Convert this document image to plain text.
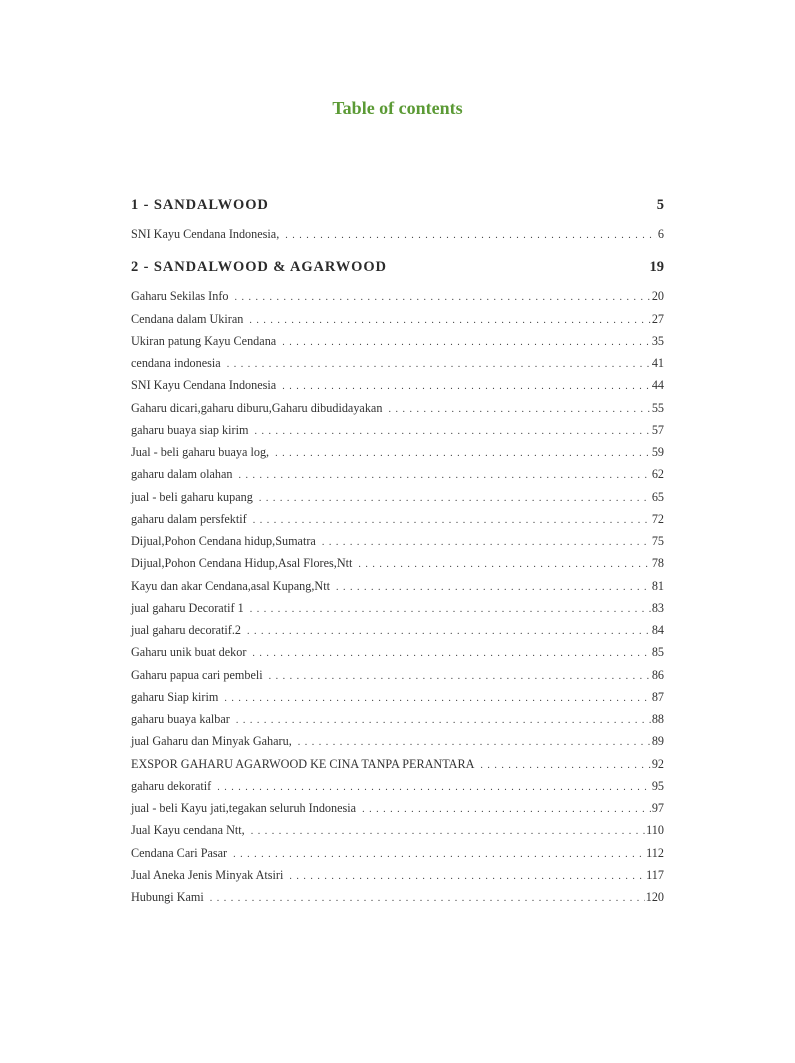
Table of contents
1 - SANDALWOOD	5
SNI Kayu Cendana Indonesia, . . .	6
2 - SANDALWOOD & AGARWOOD	19
Gaharu Sekilas Info . . .	20
Cendana dalam Ukiran . . .	27
Ukiran patung Kayu Cendana . . .	35
cendana indonesia . . .	41
SNI Kayu Cendana Indonesia . . .	44
Gaharu dicari,gaharu diburu,Gaharu dibudidayakan . . .	55
gaharu buaya siap kirim . . .	57
Jual - beli gaharu buaya log, . . .	59
gaharu dalam olahan . . .	62
jual - beli gaharu kupang . . .	65
gaharu dalam persfektif . . .	72
Dijual,Pohon Cendana hidup,Sumatra . . .	75
Dijual,Pohon Cendana Hidup,Asal Flores,Ntt . . .	78
Kayu dan akar Cendana,asal Kupang,Ntt . . .	81
jual gaharu Decoratif 1 . . .	83
jual gaharu decoratif.2 . . .	84
Gaharu unik buat dekor . . .	85
Gaharu papua cari pembeli . . .	86
gaharu Siap kirim . . .	87
gaharu buaya kalbar . . .	88
jual Gaharu dan Minyak Gaharu, . . .	89
EXSPOR GAHARU AGARWOOD KE CINA TANPA PERANTARA . . .	92
gaharu dekoratif . . .	95
jual - beli Kayu jati,tegakan seluruh Indonesia . . .	97
Jual Kayu cendana Ntt, . . .	110
Cendana Cari Pasar . . .	112
Jual Aneka Jenis Minyak Atsiri . . .	117
Hubungi Kami . . .	120
